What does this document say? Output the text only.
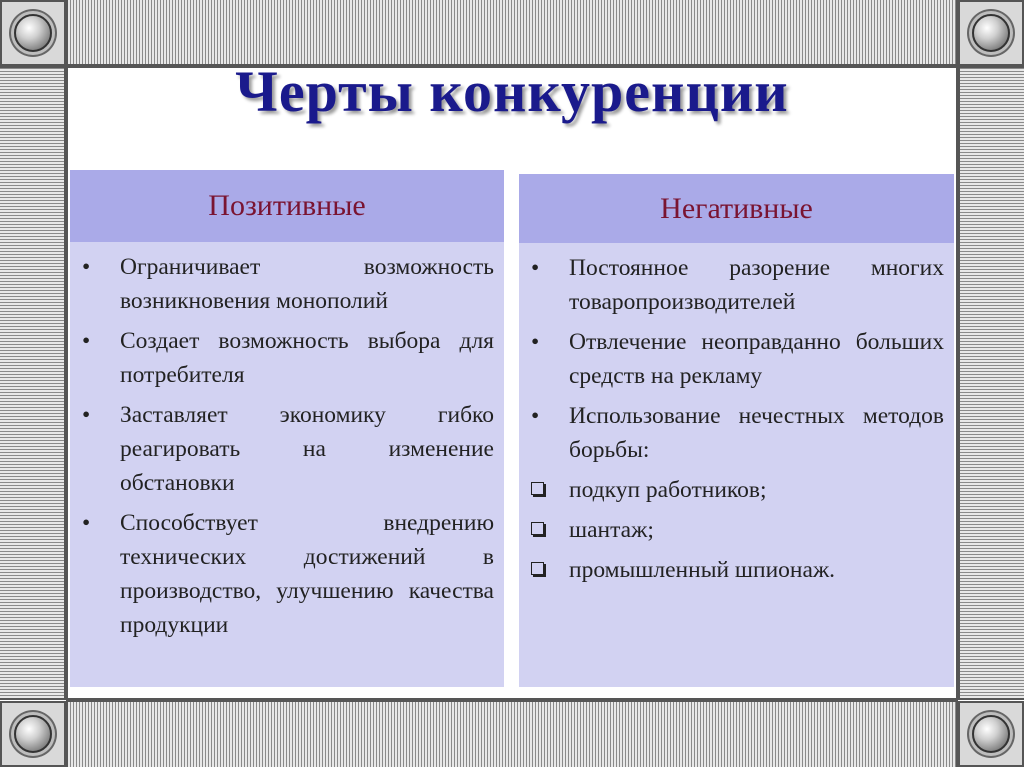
Черты конкуренции
Позитивные
•	Ограничивает возможность возникновения монополий
•	Создает возможность выбора для потребителя
•	Заставляет экономику гибко реагировать на изменение обстановки
•	Способствует внедрению технических достижений в производство, улучшению качества продукции
Негативные
•	Постоянное разорение многих товаропроизводителей
•	Отвлечение неоправданно больших средств на рекламу
•	Использование нечестных методов борьбы:
подкуп работников;
шантаж;
промышленный шпионаж.
